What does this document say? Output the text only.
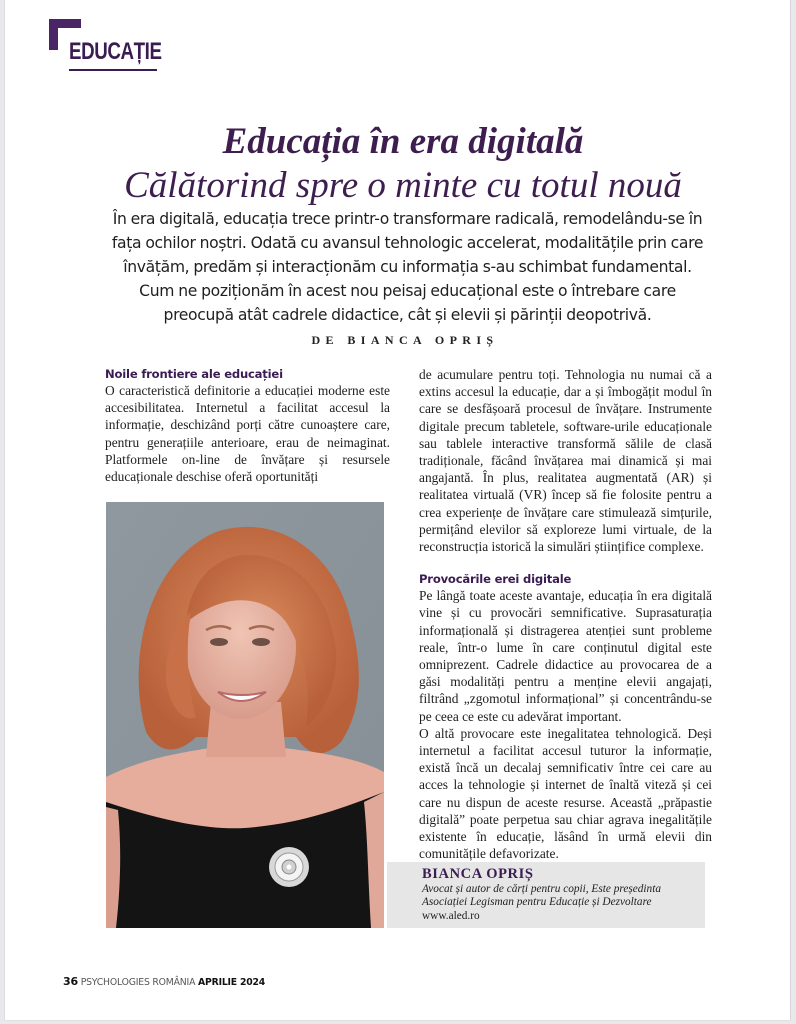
EDUCAȚIE
Educația în era digitală
Călătorind spre o minte cu totul nouă
În era digitală, educația trece printr-o transformare radicală, remodelându-se în fața ochilor noștri. Odată cu avansul tehnologic accelerat, modalitățile prin care învățăm, predăm și interacționăm cu informația s-au schimbat fundamental. Cum ne poziționăm în acest nou peisaj educațional este o întrebare care preocupă atât cadrele didactice, cât și elevii și părinții deopotrivă.
DE BIANCA OPRIȘ
Noile frontiere ale educației

O caracteristică definitorie a educației moderne este accesibilitatea. Internetul a facilitat accesul la informație, deschizând porți către cunoaștere care, pentru generațiile anterioare, erau de neimaginat. Platformele on-line de învățare și resursele educaționale deschise oferă oportunități

de acumulare pentru toți. Tehnologia nu numai că a extins accesul la educație, dar a și îmbogățit modul în care se desfășoară procesul de învățare. Instrumente digitale precum tabletele, software-urile educaționale sau tablele interactive transformă sălile de clasă tradiționale, făcând învățarea mai dinamică și mai angajantă. În plus, realitatea augmentată (AR) și realitatea virtuală (VR) încep să fie folosite pentru a crea experiențe de învățare care stimulează simțurile, permițând elevilor să exploreze lumi virtuale, de la reconstrucția istorică la simulări științifice complexe.

Provocările erei digitale

Pe lângă toate aceste avantaje, educația în era digitală vine și cu provocări semnificative. Suprasaturația informațională și distragerea atenției sunt probleme reale, într-o lume în care conținutul digital este omniprezent. Cadrele didactice au provocarea de a găsi modalități pentru a menține elevii angajați, filtrând „zgomotul informațional” și concentrându-se pe ceea ce este cu adevărat important.

O altă provocare este inegalitatea tehnologică. Deși internetul a facilitat accesul tuturor la informație, există încă un decalaj semnificativ între cei care au acces la tehnologie și internet de înaltă viteză și cei care nu dispun de aceste resurse. Această „prăpastie digitală” poate perpetua sau chiar agrava inegalitățile existente în educație, lăsând în urmă elevii din comunitățile defavorizate.

BIANCA OPRIȘ
Avocat și autor de cărți pentru copii, Este președinta Asociației Legisman pentru Educație și Dezvoltare
www.aled.ro
36 PSYCHOLOGIES ROMÂNIA APRILIE 2024
